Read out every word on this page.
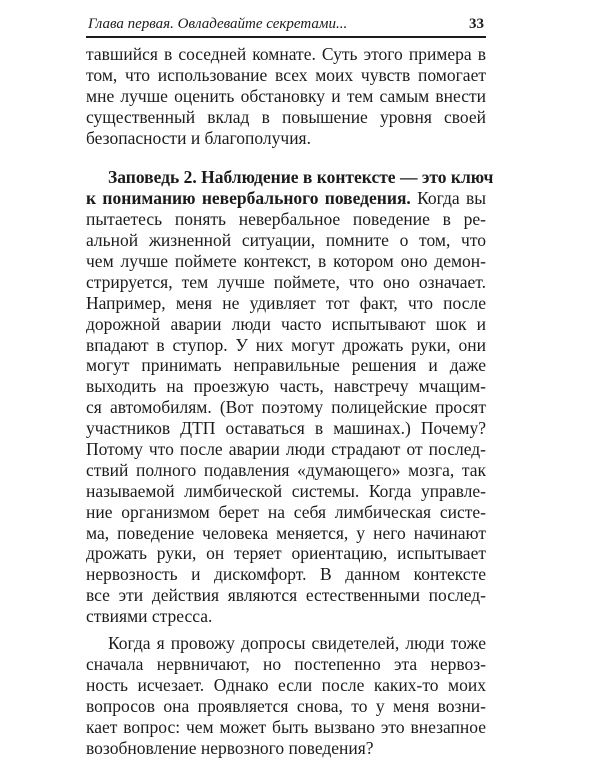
Глава первая. Овладевайте секретами...	33
тавшийся в соседней комнате. Суть этого примера в
том, что использование всех моих чувств помогает
мне лучше оценить обстановку и тем самым внести
существенный вклад в повышение уровня своей
безопасности и благополучия.
Заповедь 2. Наблюдение в контексте — это ключ
к пониманию невербального поведения. Когда вы
пытаетесь понять невербальное поведение в ре-
альной жизненной ситуации, помните о том, что
чем лучше поймете контекст, в котором оно демон-
стрируется, тем лучше поймете, что оно означает.
Например, меня не удивляет тот факт, что после
дорожной аварии люди часто испытывают шок и
впадают в ступор. У них могут дрожать руки, они
могут принимать неправильные решения и даже
выходить на проезжую часть, навстречу мчащим-
ся автомобилям. (Вот поэтому полицейские просят
участников ДТП оставаться в машинах.) Почему?
Потому что после аварии люди страдают от послед-
ствий полного подавления «думающего» мозга, так
называемой лимбической системы. Когда управле-
ние организмом берет на себя лимбическая систе-
ма, поведение человека меняется, у него начинают
дрожать руки, он теряет ориентацию, испытывает
нервозность и дискомфорт. В данном контексте
все эти действия являются естественными послед-
ствиями стресса.
Когда я провожу допросы свидетелей, люди тоже
сначала нервничают, но постепенно эта нервоз-
ность исчезает. Однако если после каких-то моих
вопросов она проявляется снова, то у меня возни-
кает вопрос: чем может быть вызвано это внезапное
возобновление нервозного поведения?
